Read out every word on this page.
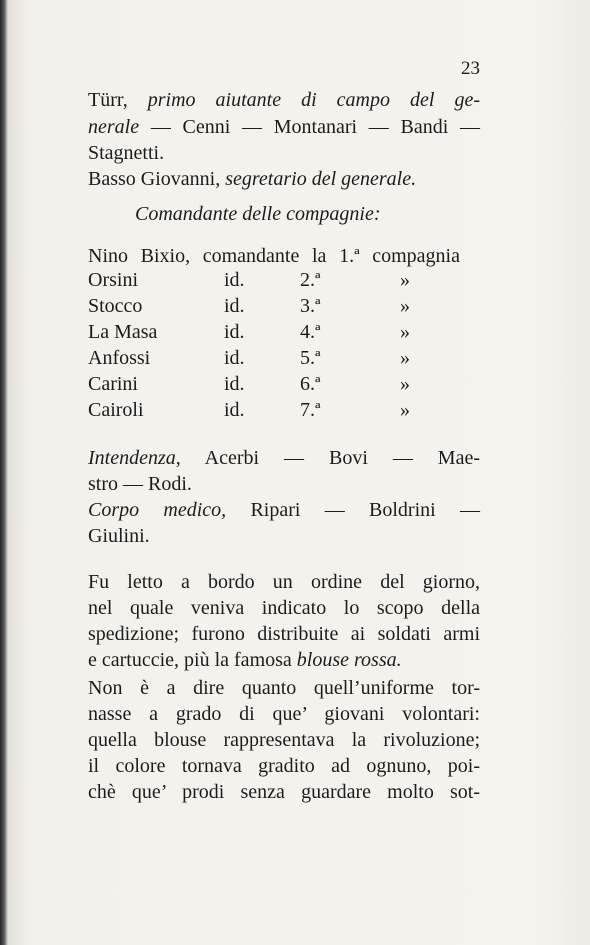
23
Türr, primo aiutante di campo del ge-
nerale — Cenni — Montanari — Bandi —
Stagnetti.
Basso Giovanni, segretario del generale.
Comandante delle compagnie:
Nino Bixio, comandante la 1.ª compagnia
Orsini	id.	2.ª	»
Stocco	id.	3.ª	»
La Masa	id.	4.ª	»
Anfossi	id.	5.ª	»
Carini	id.	6.ª	»
Cairoli	id.	7.ª	»
Intendenza, Acerbi — Bovi — Mae-
stro — Rodi.
Corpo medico, Ripari — Boldrini —
Giulini.
Fu letto a bordo un ordine del giorno,
nel quale veniva indicato lo scopo della
spedizione; furono distribuite ai soldati armi
e cartuccie, più la famosa blouse rossa.
Non è a dire quanto quell’uniforme tor-
nasse a grado di que’ giovani volontari:
quella blouse rappresentava la rivoluzione;
il colore tornava gradito ad ognuno, poi-
chè que’ prodi senza guardare molto sot-
